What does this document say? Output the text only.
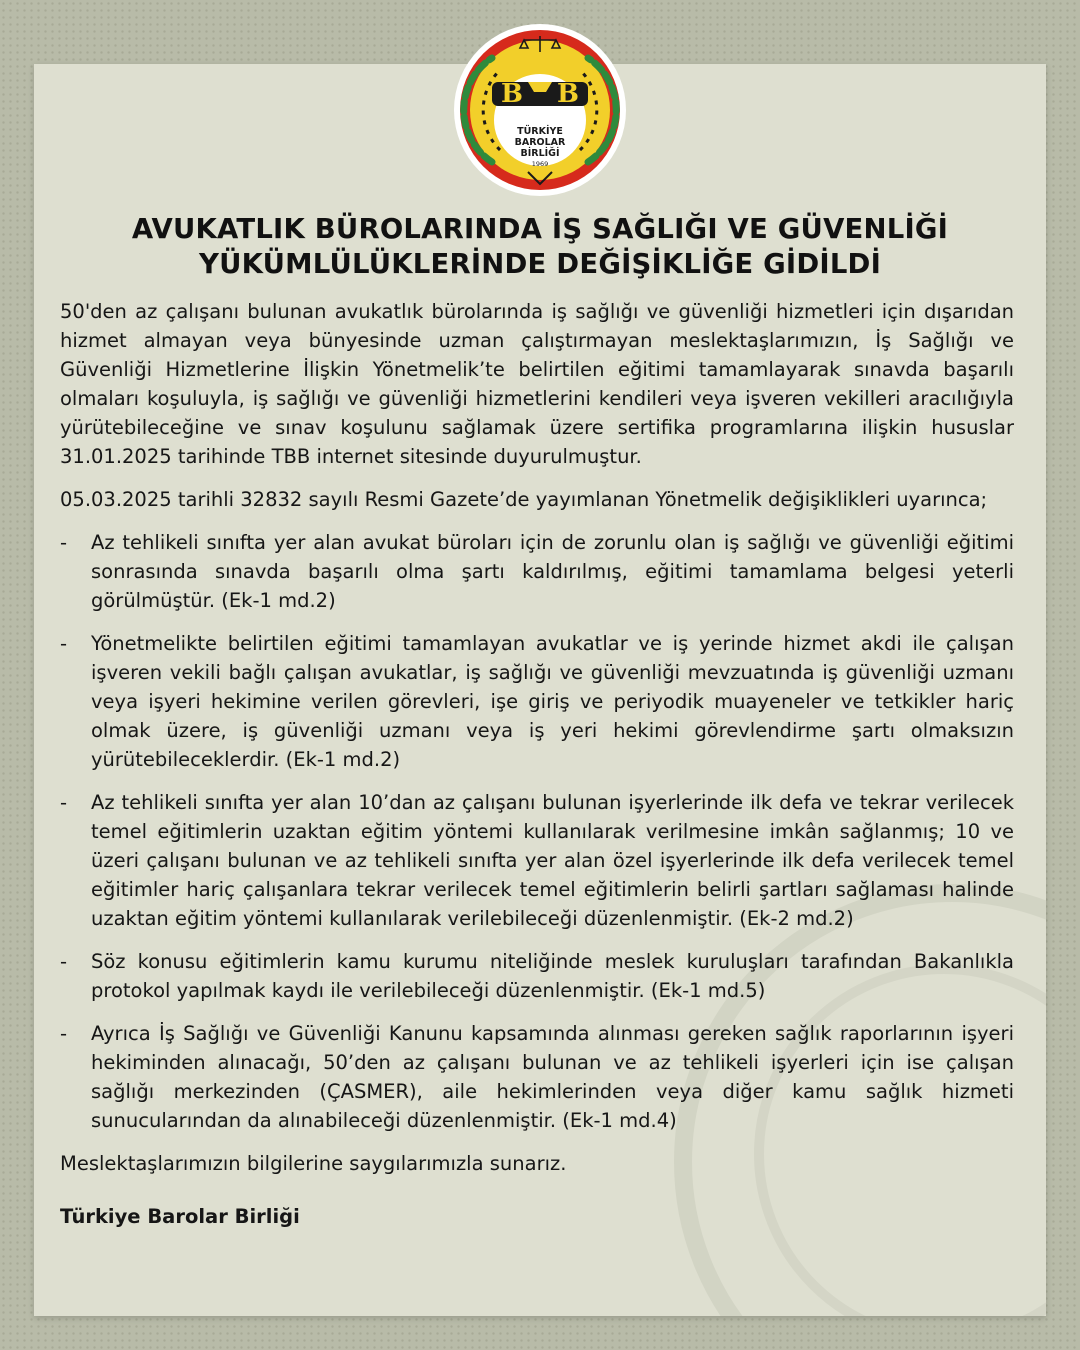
B B
TÜRKİYE
BAROLAR
BİRLİĞİ
1969
AVUKATLIK BÜROLARINDA İŞ SAĞLIĞI VE GÜVENLİĞİ
YÜKÜMLÜLÜKLERİNDE DEĞİŞİKLİĞE GİDİLDİ

50'den az çalışanı bulunan avukatlık bürolarında iş sağlığı ve güvenliği hizmetleri için dışarıdan hizmet almayan veya bünyesinde uzman çalıştırmayan meslektaşlarımızın, İş Sağlığı ve Güvenliği Hizmetlerine İlişkin Yönetmelik’te belirtilen eğitimi tamamlayarak sınavda başarılı olmaları koşuluyla, iş sağlığı ve güvenliği hizmetlerini kendileri veya işveren vekilleri aracılığıyla yürütebileceğine ve sınav koşulunu sağlamak üzere sertifika programlarına ilişkin hususlar 31.01.2025 tarihinde TBB internet sitesinde duyurulmuştur.

05.03.2025 tarihli 32832 sayılı Resmi Gazete’de yayımlanan Yönetmelik değişiklikleri uyarınca;

- Az tehlikeli sınıfta yer alan avukat büroları için de zorunlu olan iş sağlığı ve güvenliği eğitimi sonrasında sınavda başarılı olma şartı kaldırılmış, eğitimi tamamlama belgesi yeterli görülmüştür. (Ek-1 md.2)
- Yönetmelikte belirtilen eğitimi tamamlayan avukatlar ve iş yerinde hizmet akdi ile çalışan işveren vekili bağlı çalışan avukatlar, iş sağlığı ve güvenliği mevzuatında iş güvenliği uzmanı veya işyeri hekimine verilen görevleri, işe giriş ve periyodik muayeneler ve tetkikler hariç olmak üzere, iş güvenliği uzmanı veya iş yeri hekimi görevlendirme şartı olmaksızın yürütebileceklerdir. (Ek-1 md.2)
- Az tehlikeli sınıfta yer alan 10’dan az çalışanı bulunan işyerlerinde ilk defa ve tekrar verilecek temel eğitimlerin uzaktan eğitim yöntemi kullanılarak verilmesine imkân sağlanmış; 10 ve üzeri çalışanı bulunan ve az tehlikeli sınıfta yer alan özel işyerlerinde ilk defa verilecek temel eğitimler hariç çalışanlara tekrar verilecek temel eğitimlerin belirli şartları sağlaması halinde uzaktan eğitim yöntemi kullanılarak verilebileceği düzenlenmiştir. (Ek-2 md.2)
- Söz konusu eğitimlerin kamu kurumu niteliğinde meslek kuruluşları tarafından Bakanlıkla protokol yapılmak kaydı ile verilebileceği düzenlenmiştir. (Ek-1 md.5)
- Ayrıca İş Sağlığı ve Güvenliği Kanunu kapsamında alınması gereken sağlık raporlarının işyeri hekiminden alınacağı, 50’den az çalışanı bulunan ve az tehlikeli işyerleri için ise çalışan sağlığı merkezinden (ÇASMER), aile hekimlerinden veya diğer kamu sağlık hizmeti sunucularından da alınabileceği düzenlenmiştir. (Ek-1 md.4)

Meslektaşlarımızın bilgilerine saygılarımızla sunarız.

Türkiye Barolar Birliği
